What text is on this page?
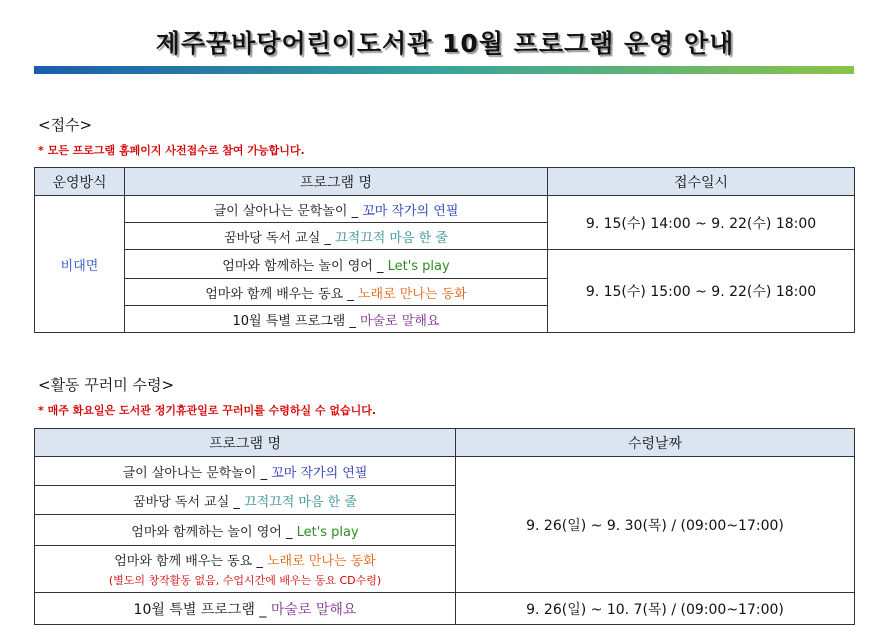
제주꿈바당어린이도서관 10월 프로그램 운영 안내
<접수>
* 모든 프로그램 홈페이지 사전접수로 참여 가능합니다.
운영방식	프로그램 명	접수일시
비대면	글이 살아나는 문학놀이 _ 꼬마 작가의 연필	9. 15(수) 14:00 ~ 9. 22(수) 18:00
	꿈바당 독서 교실 _ 끄적끄적 마음 한 줄	
	엄마와 함께하는 놀이 영어 _ Let's play	9. 15(수) 15:00 ~ 9. 22(수) 18:00
	엄마와 함께 배우는 동요 _ 노래로 만나는 동화	
	10월 특별 프로그램 _ 마술로 말해요	
<활동 꾸러미 수령>
* 매주 화요일은 도서관 정기휴관일로 꾸러미를 수령하실 수 없습니다.
프로그램 명	수령날짜
글이 살아나는 문학놀이 _ 꼬마 작가의 연필	9. 26(일) ~ 9. 30(목) / (09:00~17:00)
꿈바당 독서 교실 _ 끄적끄적 마음 한 줄	
엄마와 함께하는 놀이 영어 _ Let's play	
엄마와 함께 배우는 동요 _ 노래로 만나는 동화
(별도의 창작활동 없음, 수업시간에 배우는 동요 CD수령)	

10월 특별 프로그램 _ 마술로 말해요	9. 26(일) ~ 10. 7(목) / (09:00~17:00)
